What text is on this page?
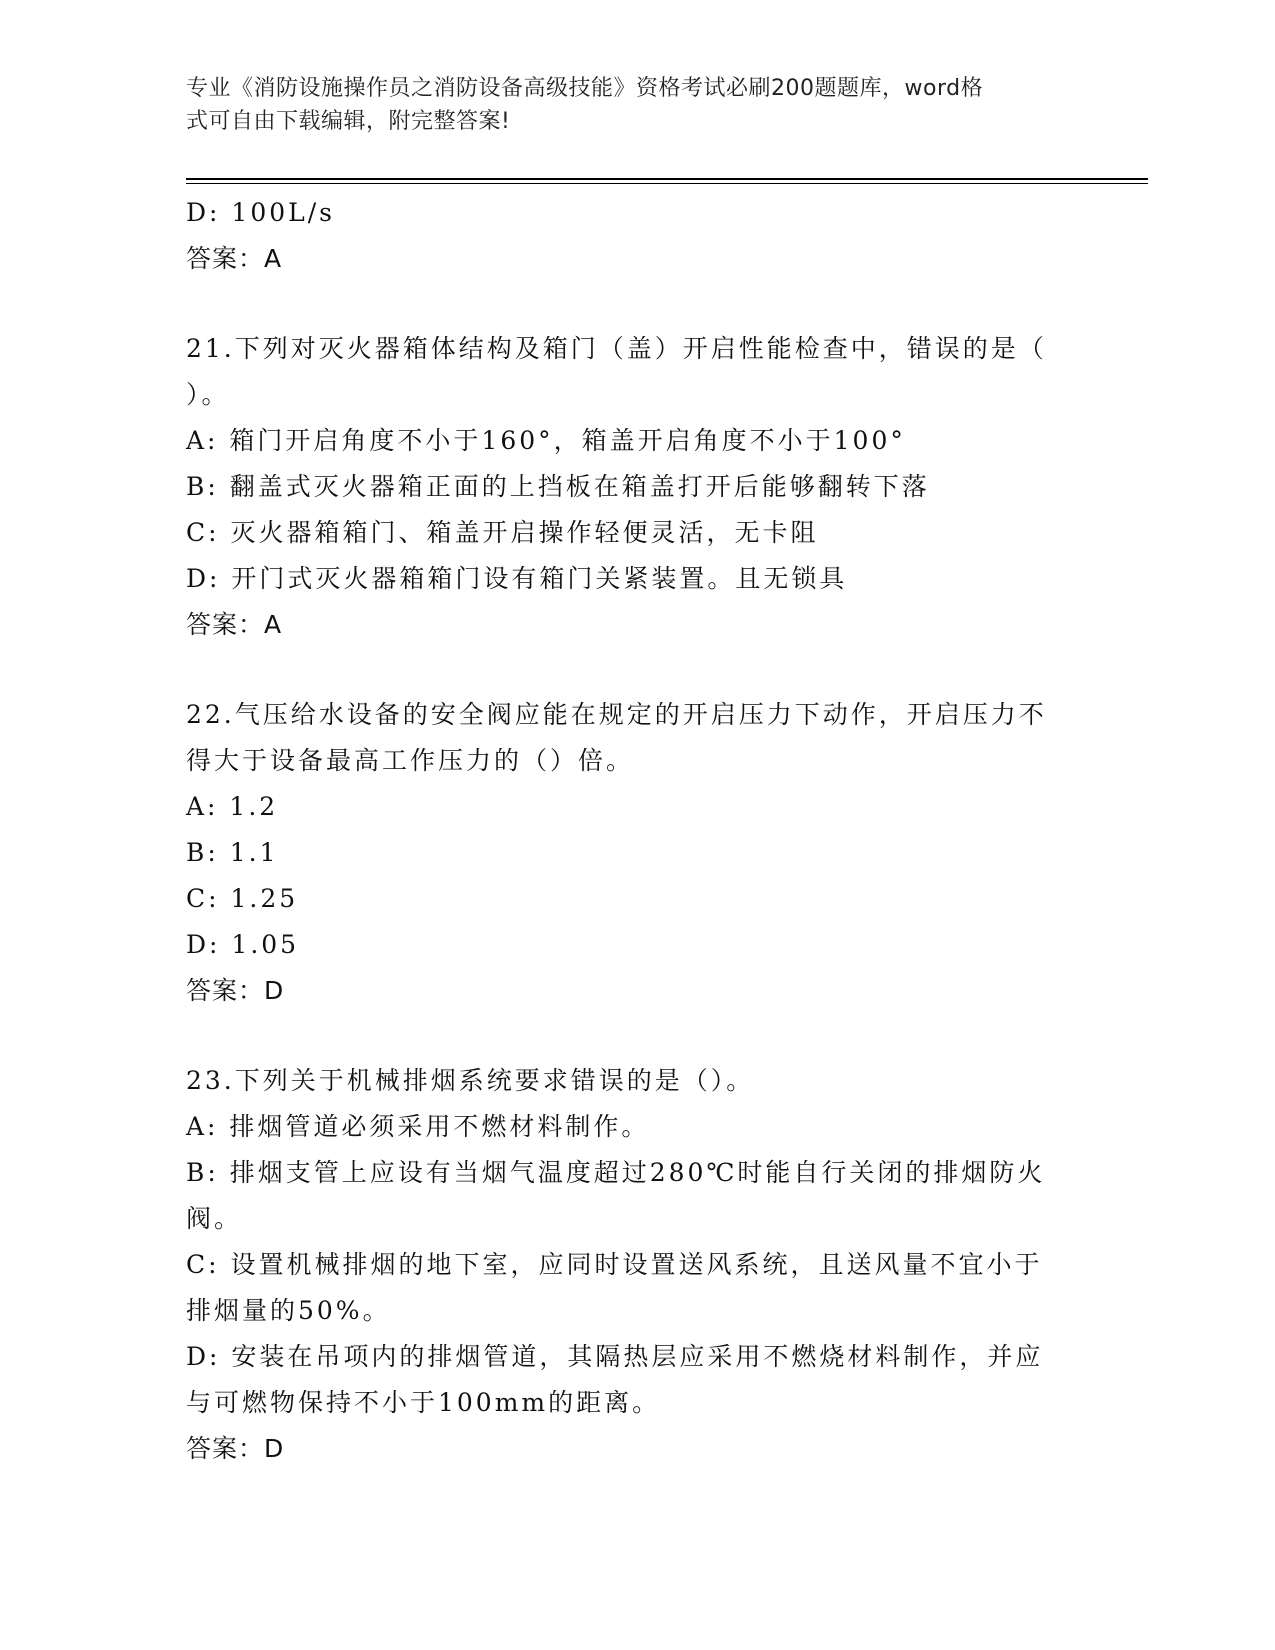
专业《消防设施操作员之消防设备高级技能》资格考试必刷200题题库，word格
式可自由下载编辑，附完整答案!
D: 100L/s
答案：A
21.下列对灭火器箱体结构及箱门（盖）开启性能检查中，错误的是（
）。
A: 箱门开启角度不小于160°，箱盖开启角度不小于100°
B: 翻盖式灭火器箱正面的上挡板在箱盖打开后能够翻转下落
C: 灭火器箱箱门、箱盖开启操作轻便灵活，无卡阻
D: 开门式灭火器箱箱门设有箱门关紧装置。且无锁具
答案：A
22.气压给水设备的安全阀应能在规定的开启压力下动作，开启压力不
得大于设备最高工作压力的（）倍。
A: 1.2
B: 1.1
C: 1.25
D: 1.05
答案：D
23.下列关于机械排烟系统要求错误的是（）。
A: 排烟管道必须采用不燃材料制作。
B: 排烟支管上应设有当烟气温度超过280℃时能自行关闭的排烟防火
阀。
C: 设置机械排烟的地下室，应同时设置送风系统，且送风量不宜小于
排烟量的50%。
D: 安装在吊项内的排烟管道，其隔热层应采用不燃烧材料制作，并应
与可燃物保持不小于100mm的距离。
答案：D
